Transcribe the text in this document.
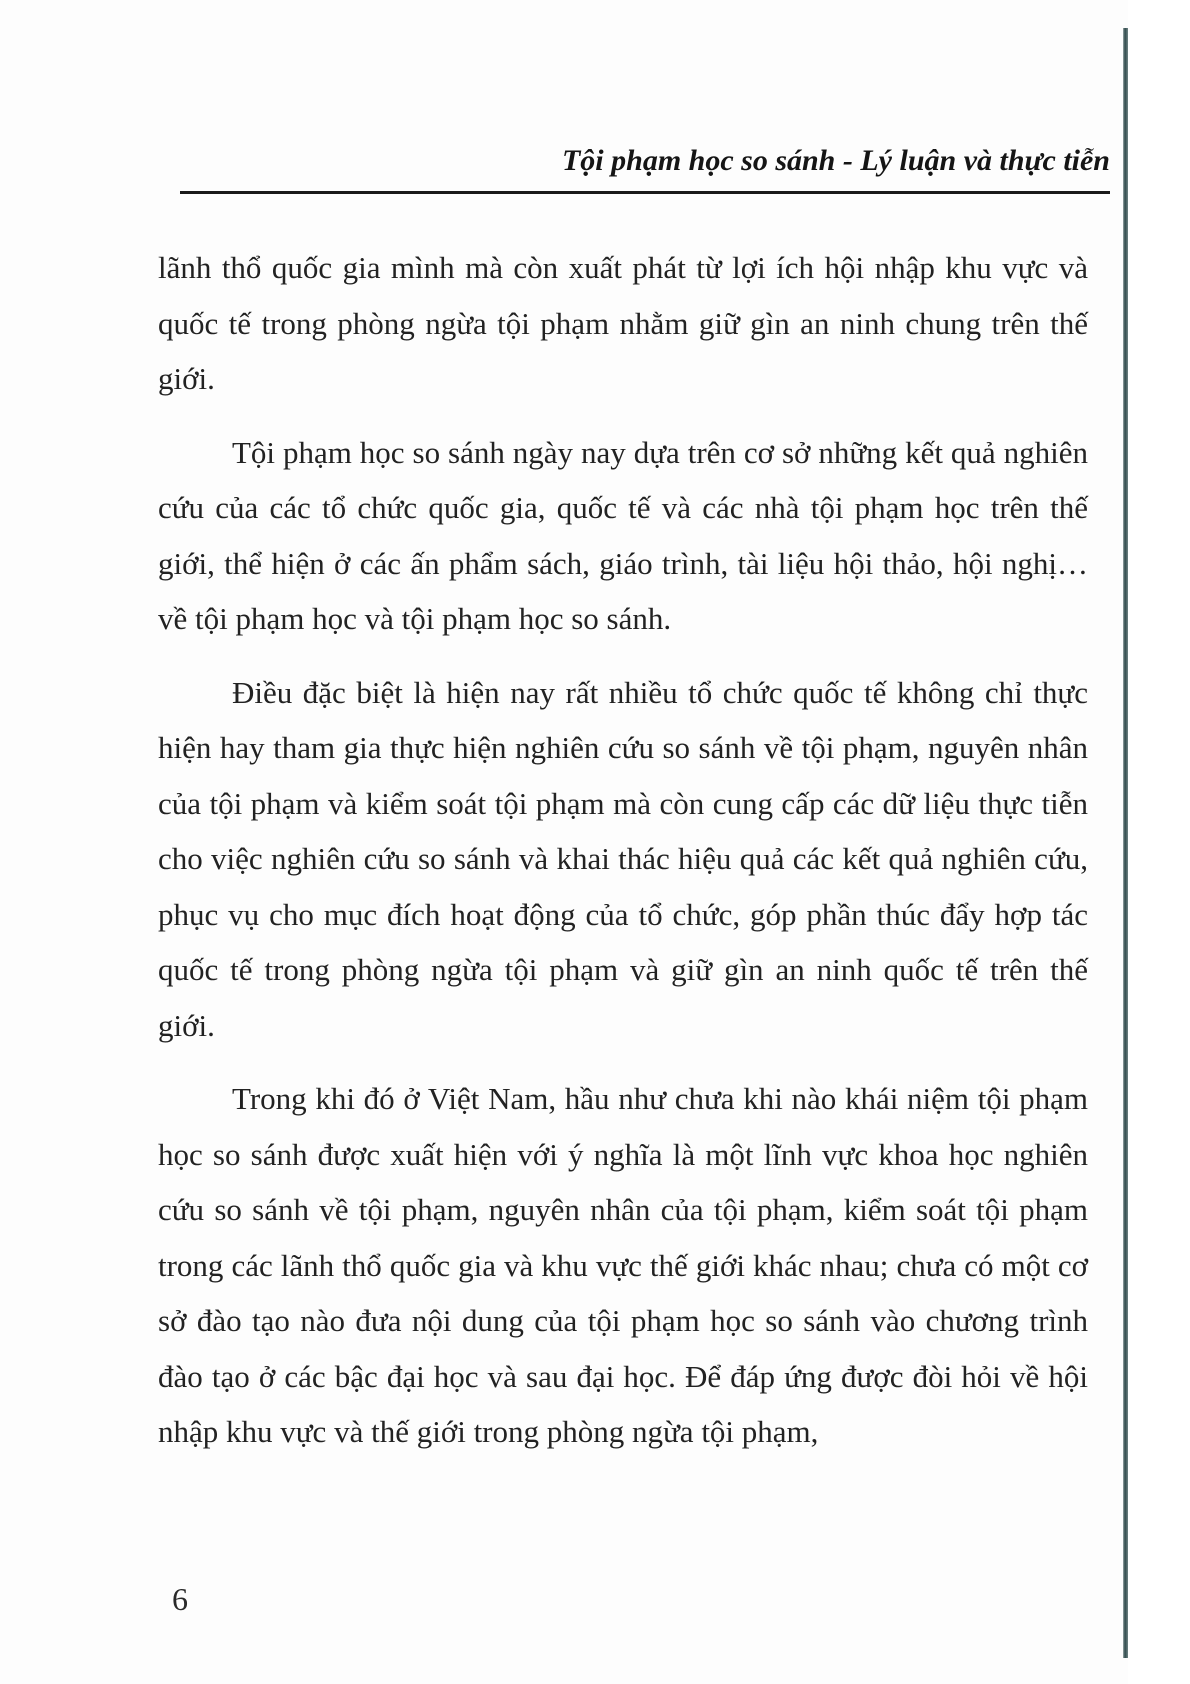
Tội phạm học so sánh - Lý luận và thực tiễn

lãnh thổ quốc gia mình mà còn xuất phát từ lợi ích hội nhập khu vực và quốc tế trong phòng ngừa tội phạm nhằm giữ gìn an ninh chung trên thế giới.

Tội phạm học so sánh ngày nay dựa trên cơ sở những kết quả nghiên cứu của các tổ chức quốc gia, quốc tế và các nhà tội phạm học trên thế giới, thể hiện ở các ấn phẩm sách, giáo trình, tài liệu hội thảo, hội nghị… về tội phạm học và tội phạm học so sánh.

Điều đặc biệt là hiện nay rất nhiều tổ chức quốc tế không chỉ thực hiện hay tham gia thực hiện nghiên cứu so sánh về tội phạm, nguyên nhân của tội phạm và kiểm soát tội phạm mà còn cung cấp các dữ liệu thực tiễn cho việc nghiên cứu so sánh và khai thác hiệu quả các kết quả nghiên cứu, phục vụ cho mục đích hoạt động của tổ chức, góp phần thúc đẩy hợp tác quốc tế trong phòng ngừa tội phạm và giữ gìn an ninh quốc tế trên thế giới.

Trong khi đó ở Việt Nam, hầu như chưa khi nào khái niệm tội phạm học so sánh được xuất hiện với ý nghĩa là một lĩnh vực khoa học nghiên cứu so sánh về tội phạm, nguyên nhân của tội phạm, kiểm soát tội phạm trong các lãnh thổ quốc gia và khu vực thế giới khác nhau; chưa có một cơ sở đào tạo nào đưa nội dung của tội phạm học so sánh vào chương trình đào tạo ở các bậc đại học và sau đại học. Để đáp ứng được đòi hỏi về hội nhập khu vực và thế giới trong phòng ngừa tội phạm,

6
